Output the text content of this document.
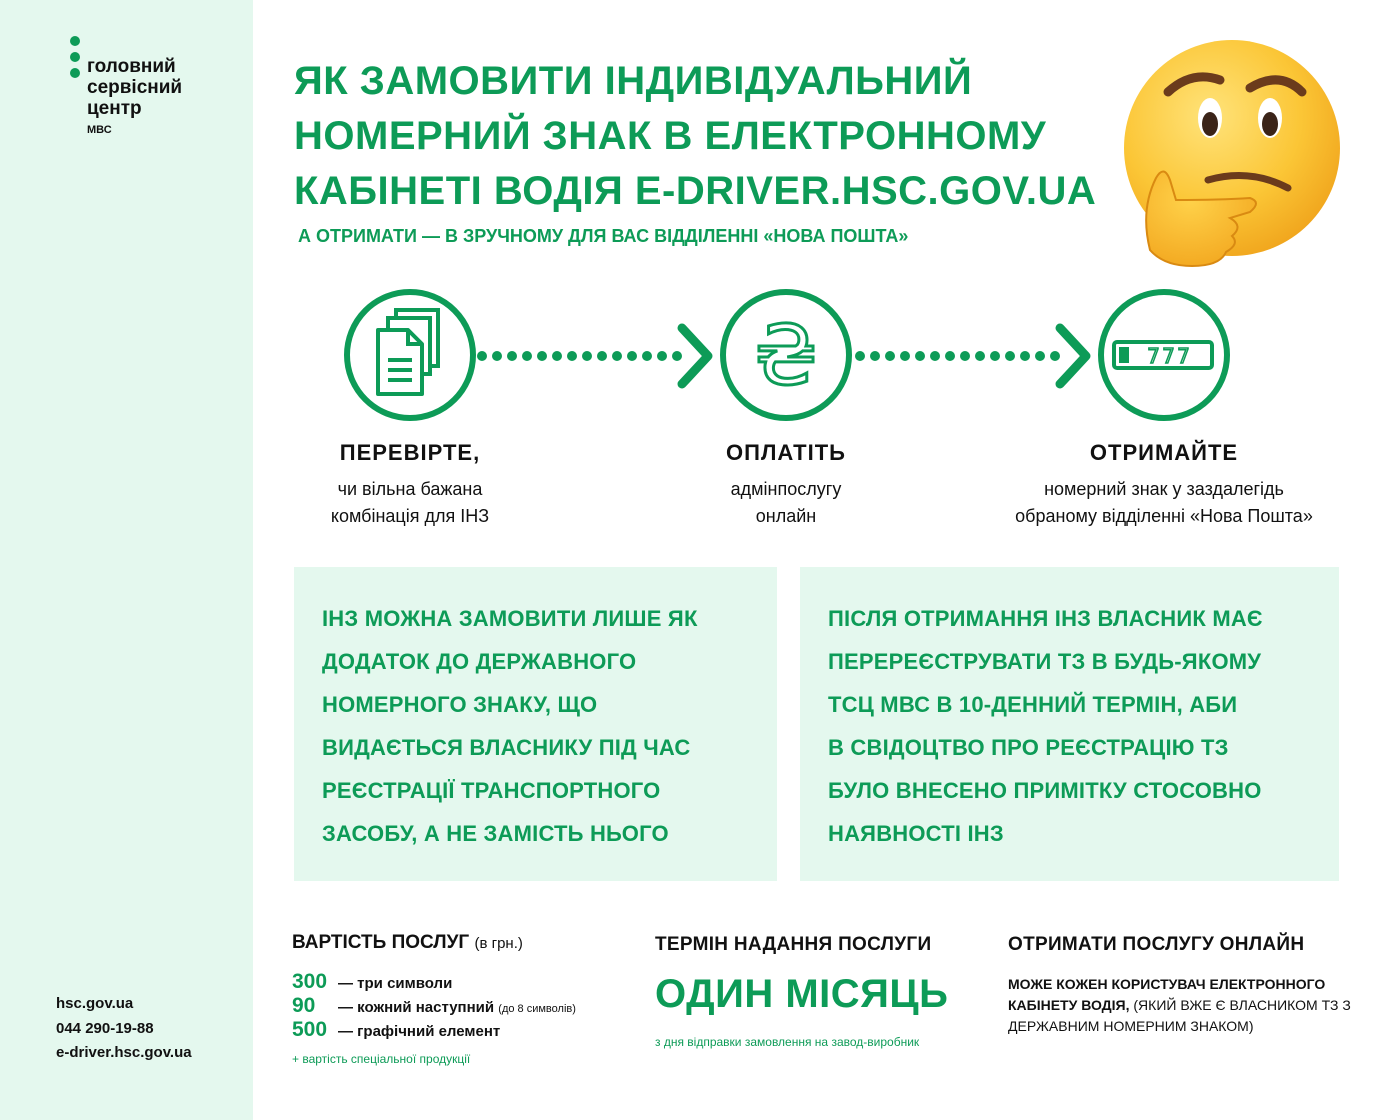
головний
сервісний
центр
МВС
hsc.gov.ua
044 290-19-88
e-driver.hsc.gov.ua
ЯК ЗАМОВИТИ ІНДИВІДУАЛЬНИЙ
НОМЕРНИЙ ЗНАК В ЕЛЕКТРОННОМУ
КАБІНЕТІ ВОДІЯ E-DRIVER.HSC.GOV.UA
А ОТРИМАТИ — В ЗРУЧНОМУ ДЛЯ ВАС ВІДДІЛЕННІ «НОВА ПОШТА»
₴	777
ПЕРЕВІРТЕ,

чи вільна бажана

комбінація для ІНЗ

ОПЛАТІТЬ

адмінпослугу

онлайн

ОТРИМАЙТЕ

номерний знак у заздалегідь

обраному відділенні «Нова Пошта»

ІНЗ МОЖНА ЗАМОВИТИ ЛИШЕ ЯК

ДОДАТОК ДО ДЕРЖАВНОГО

НОМЕРНОГО ЗНАКУ, ЩО

ВИДАЄТЬСЯ ВЛАСНИКУ ПІД ЧАС

РЕЄСТРАЦІЇ ТРАНСПОРТНОГО

ЗАСОБУ, А НЕ ЗАМІСТЬ НЬОГО

ПІСЛЯ ОТРИМАННЯ ІНЗ ВЛАСНИК МАЄ

ПЕРЕРЕЄСТРУВАТИ ТЗ В БУДЬ-ЯКОМУ

ТСЦ МВС В 10-ДЕННИЙ ТЕРМІН, АБИ

В СВІДОЦТВО ПРО РЕЄСТРАЦІЮ ТЗ

БУЛО ВНЕСЕНО ПРИМІТКУ СТОСОВНО

НАЯВНОСТІ ІНЗ

ВАРТІСТЬ ПОСЛУГ (в грн.)
300 — три символи
90	— кожний наступний (до 8 символів)
500 — графічний елемент
+ вартість спеціальної продукції
ТЕРМІН НАДАННЯ ПОСЛУГИ
ОДИН МІСЯЦЬ
з дня відправки замовлення на завод-виробник
ОТРИМАТИ ПОСЛУГУ ОНЛАЙН

МОЖЕ КОЖЕН КОРИСТУВАЧ ЕЛЕКТРОННОГО КАБІНЕТУ ВОДІЯ, (ЯКИЙ ВЖЕ Є ВЛАСНИКОМ ТЗ З ДЕРЖАВНИМ НОМЕРНИМ ЗНАКОМ)
